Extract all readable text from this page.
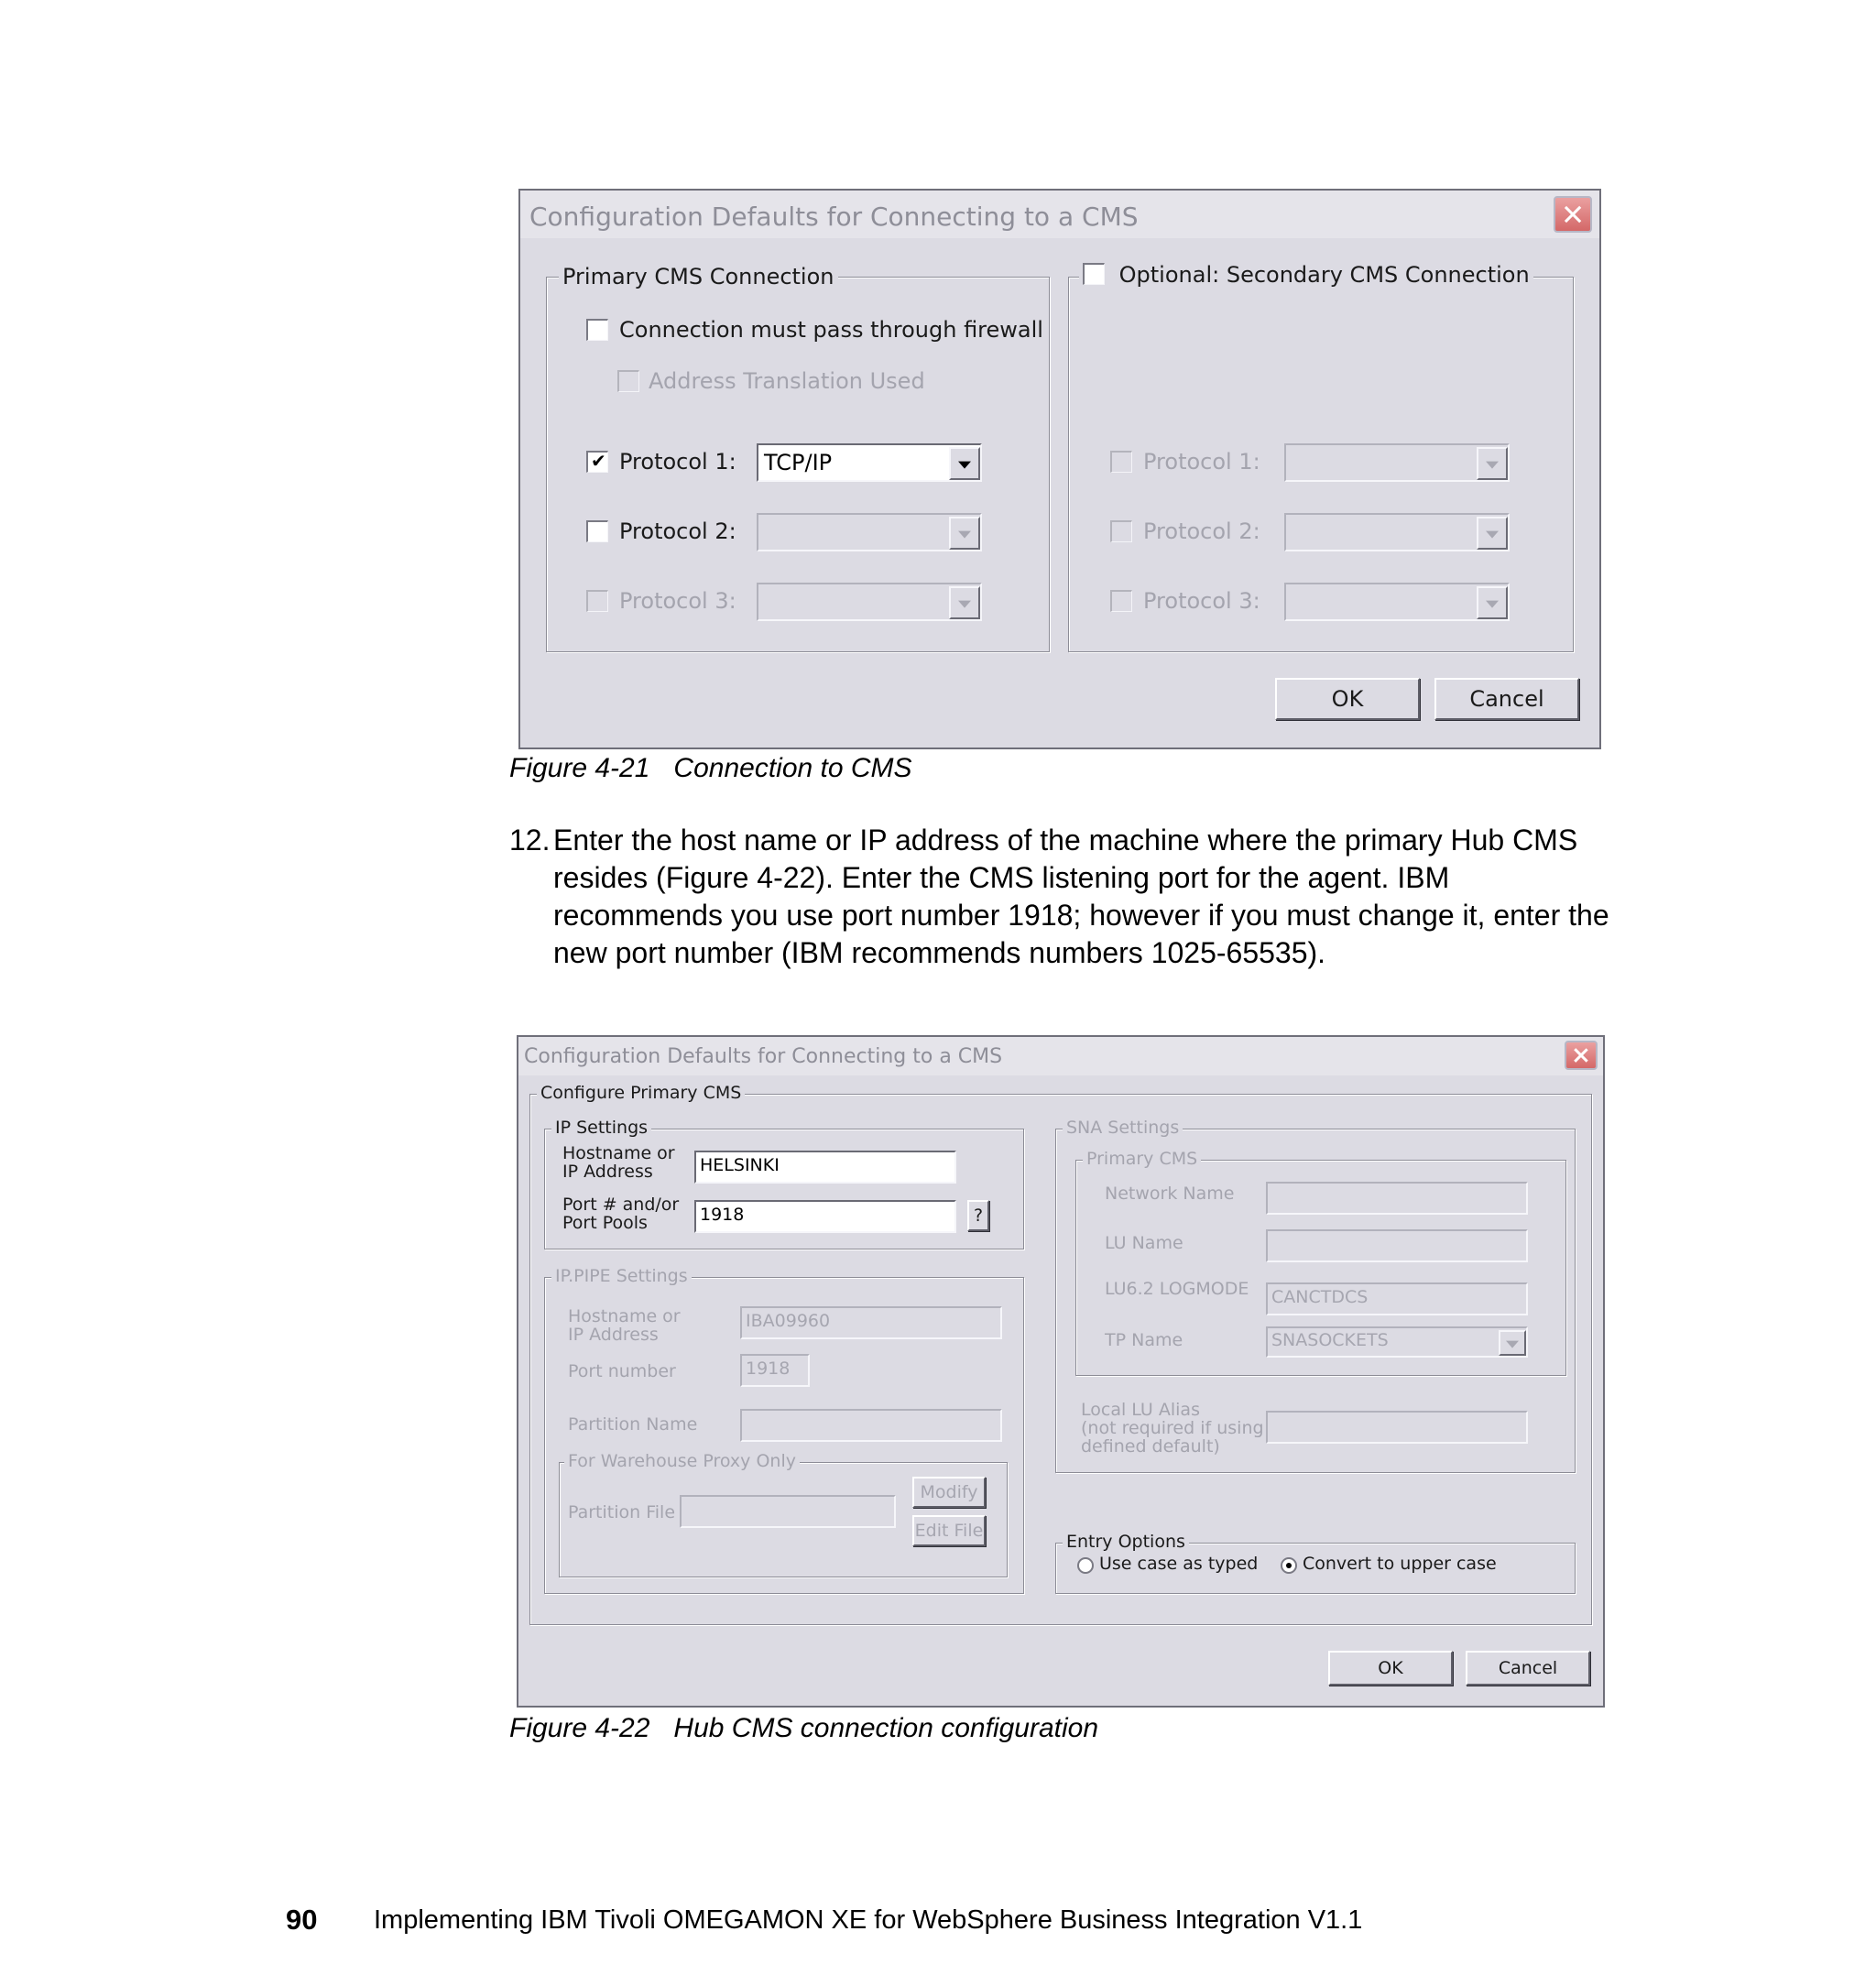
Configuration Defaults for Connecting to a CMS
Primary CMS Connection
Connection must pass through firewall
Address Translation Used
✔ Protocol 1:	TCP/IP
Protocol 2:
Protocol 3:
Optional: Secondary CMS Connection
Protocol 1:
Protocol 2:
Protocol 3:
OK	Cancel
Figure 4-21 Connection to CMS
12. Enter the host name or IP address of the machine where the primary Hub CMS resides (Figure 4-22). Enter the CMS listening port for the agent. IBM recommends you use port number 1918; however if you must change it, enter the new port number (IBM recommends numbers 1025-65535).
Configuration Defaults for Connecting to a CMS
Configure Primary CMS
IP Settings
Hostname or
IP Address	HELSINKI
Port # and/or
Port Pools	1918	?
IP.PIPE Settings
Hostname or
IP Address
IBA09960
Port number	1918
Partition Name
For Warehouse Proxy Only
Partition File
Modify
Edit File
SNA Settings
Primary CMS
Network Name
LU Name
LU6.2 LOGMODE	CANCTDCS
TP Name	SNASOCKETS
Local LU Alias
(not required if using
defined default)
Entry Options
Use case as typed	Convert to upper case
OK	Cancel
Figure 4-22 Hub CMS connection configuration
90 Implementing IBM Tivoli OMEGAMON XE for WebSphere Business Integration V1.1
